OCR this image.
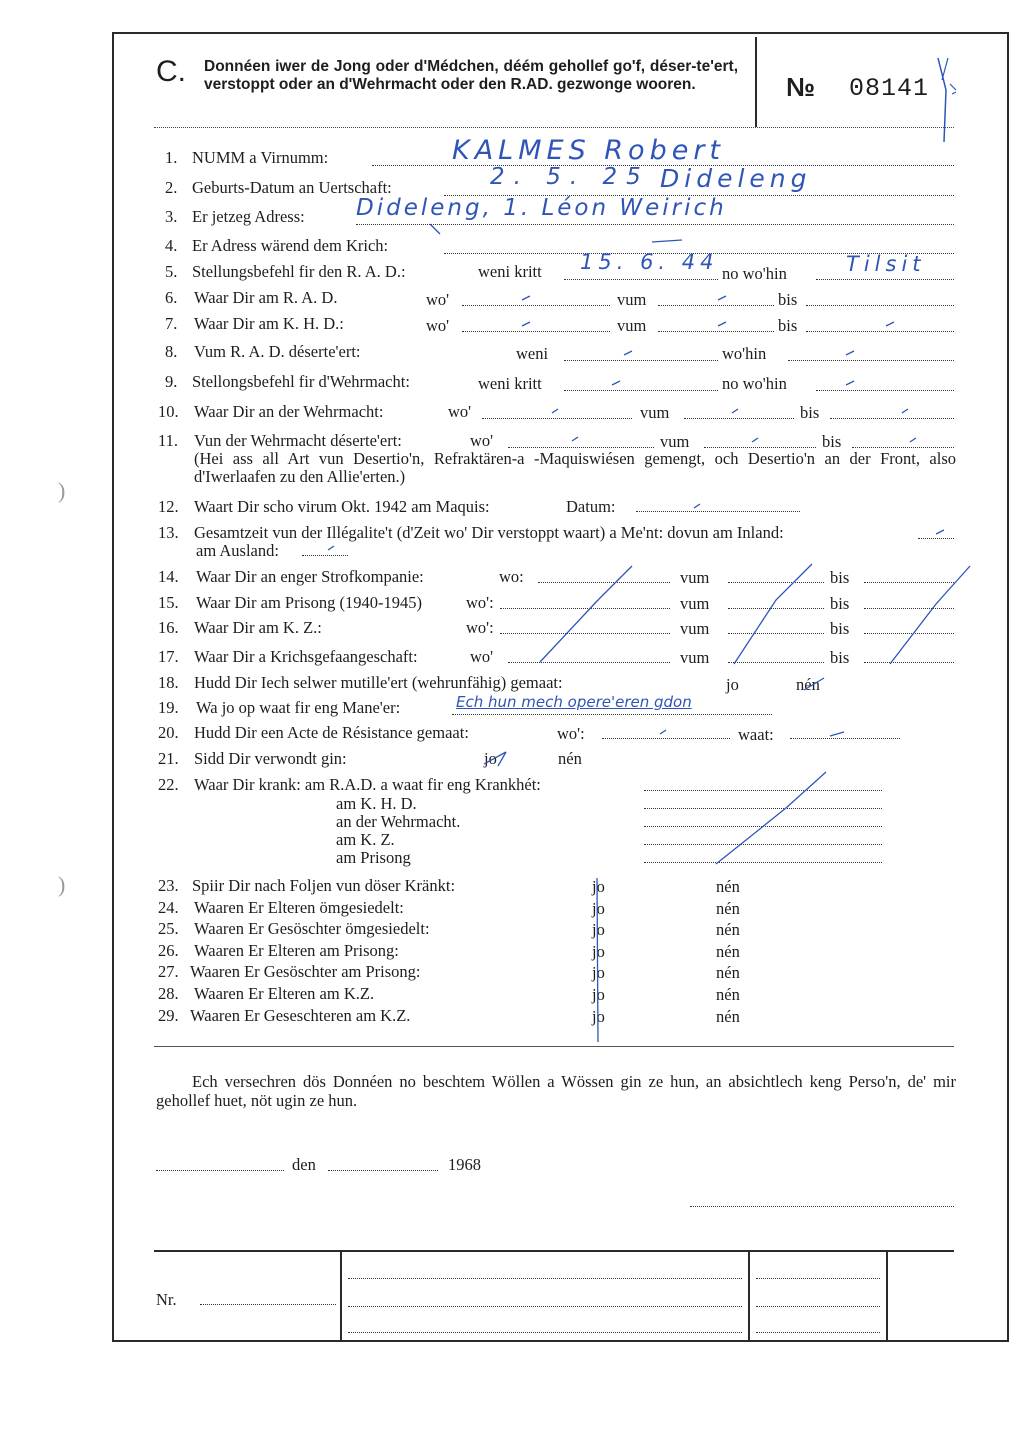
C. Donnéen iwer de Jong oder d'Médchen, déém gehollef go'f, déser-te'ert, verstoppt oder an d'Wehrmacht oder den R.AD. gezwonge wooren.	№ 08141
1. NUMM a Virnumm:	KALMES Robert
2. Geburts-Datum an Uertschaft:	2. 5. 25 Dideleng
3. Er jetzeg Adress: Dideleng, 1. Léon Weirich
4. Er Adress wärend dem Krich:
5. Stellungsbefehl fir den R. A. D.:	weni kritt 15. 6. 44 no wo'hin	Tilsit
6. Waar Dir am R. A. D.	wo'	vum	bis
7. Waar Dir am K. H. D.:	wo'	vum	bis
8. Vum R. A. D. déserte'ert:	weni	wo'hin
9. Stellongsbefehl fir d'Wehrmacht:	weni kritt	no wo'hin
10. Waar Dir an der Wehrmacht:	wo'	vum	bis
11. Vun der Wehrmacht déserte'ert:	wo'	vum	bis
(Hei ass all Art vun Desertio'n, Refraktären-a -Maquiswiésen gemengt, och Desertio'n an der Front, also d'Iwerlaafen zu den Allie'erten.)
12. Waart Dir scho virum Okt. 1942 am Maquis:	Datum:
13. Gesamtzeit vun der Illégalite't (d'Zeit wo' Dir verstoppt waart) a Me'nt: dovun am Inland:
am Ausland:
14. Waar Dir an enger Strofkompanie:	wo:	vum	bis
15. Waar Dir am Prisong (1940-1945)	wo':	vum	bis
16. Waar Dir am K. Z.:	wo':	vum	bis
17. Waar Dir a Krichsgefaangeschaft:	wo'	vum	bis
18. Hudd Dir Iech selwer mutille'ert (wehrunfähig) gemaat:	jo	nén
19. Wa jo op waat fir eng Mane'er:	Ech hun mech opere'eren gdon
20. Hudd Dir een Acte de Résistance gemaat:	wo':	waat:
21. Sidd Dir verwondt gin:	jo	nén
22. Waar Dir krank: am R.A.D. a waat fir eng Krankhét:
am K. H. D.
an der Wehrmacht.
am K. Z.
am Prisong
23. Spiir Dir nach Foljen vun döser Kränkt:	jo	nén
24. Waaren Er Elteren ömgesiedelt:	jo	nén
25. Waaren Er Gesöschter ömgesiedelt:	jo	nén
26. Waaren Er Elteren am Prisong:	jo	nén
27. Waaren Er Gesöschter am Prisong:	jo	nén
28. Waaren Er Elteren am K.Z.	jo	nén
29. Waaren Er Geseschteren am K.Z.	jo	nén
Ech versechren dös Donnéen no beschtem Wöllen a Wössen gin ze hun, an absichtlech keng Perso'n, de' mir gehollef huet, nöt ugin ze hun.
den	1968
Nr.
)
)
